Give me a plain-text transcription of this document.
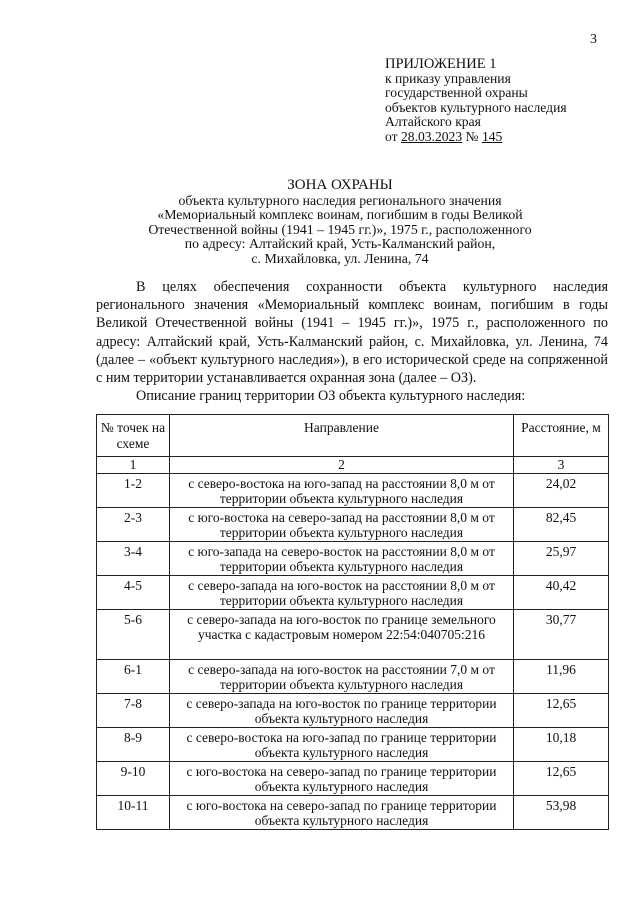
3
ПРИЛОЖЕНИЕ 1
к приказу управления
государственной охраны
объектов культурного наследия
Алтайского края
от 28.03.2023 № 145
ЗОНА ОХРАНЫ
объекта культурного наследия регионального значения
«Мемориальный комплекс воинам, погибшим в годы Великой
Отечественной войны (1941 – 1945 гг.)», 1975 г., расположенного
по адресу: Алтайский край, Усть-Калманский район,
с. Михайловка, ул. Ленина, 74

В целях обеспечения сохранности объекта культурного наследия регионального значения «Мемориальный комплекс воинам, погибшим в годы Великой Отечественной войны (1941 – 1945 гг.)», 1975 г., расположенного по адресу: Алтайский край, Усть-Калманский район, с. Михайловка, ул. Ленина, 74 (далее – «объект культурного наследия»), в его исторической среде на сопряженной с ним территории устанавливается охранная зона (далее – ОЗ).

Описание границ территории ОЗ объекта культурного наследия:

№ точек на схеме	Направление	Расстояние, м
1	2	3
1-2	с северо-востока на юго-запад на расстоянии 8,0 м от территории объекта культурного наследия	24,02
2-3	с юго-востока на северо-запад на расстоянии 8,0 м от территории объекта культурного наследия	82,45
3-4	с юго-запада на северо-восток на расстоянии 8,0 м от территории объекта культурного наследия	25,97
4-5	с северо-запада на юго-восток на расстоянии 8,0 м от территории объекта культурного наследия	40,42
5-6	с северо-запада на юго-восток по границе земельного участка с кадастровым номером 22:54:040705:216	30,77
6-1	с северо-запада на юго-восток на расстоянии 7,0 м от территории объекта культурного наследия	11,96
7-8	с северо-запада на юго-восток по границе территории объекта культурного наследия	12,65
8-9	с северо-востока на юго-запад по границе территории объекта культурного наследия	10,18
9-10	с юго-востока на северо-запад по границе территории объекта культурного наследия	12,65
10-11	с юго-востока на северо-запад по границе территории объекта культурного наследия	53,98
